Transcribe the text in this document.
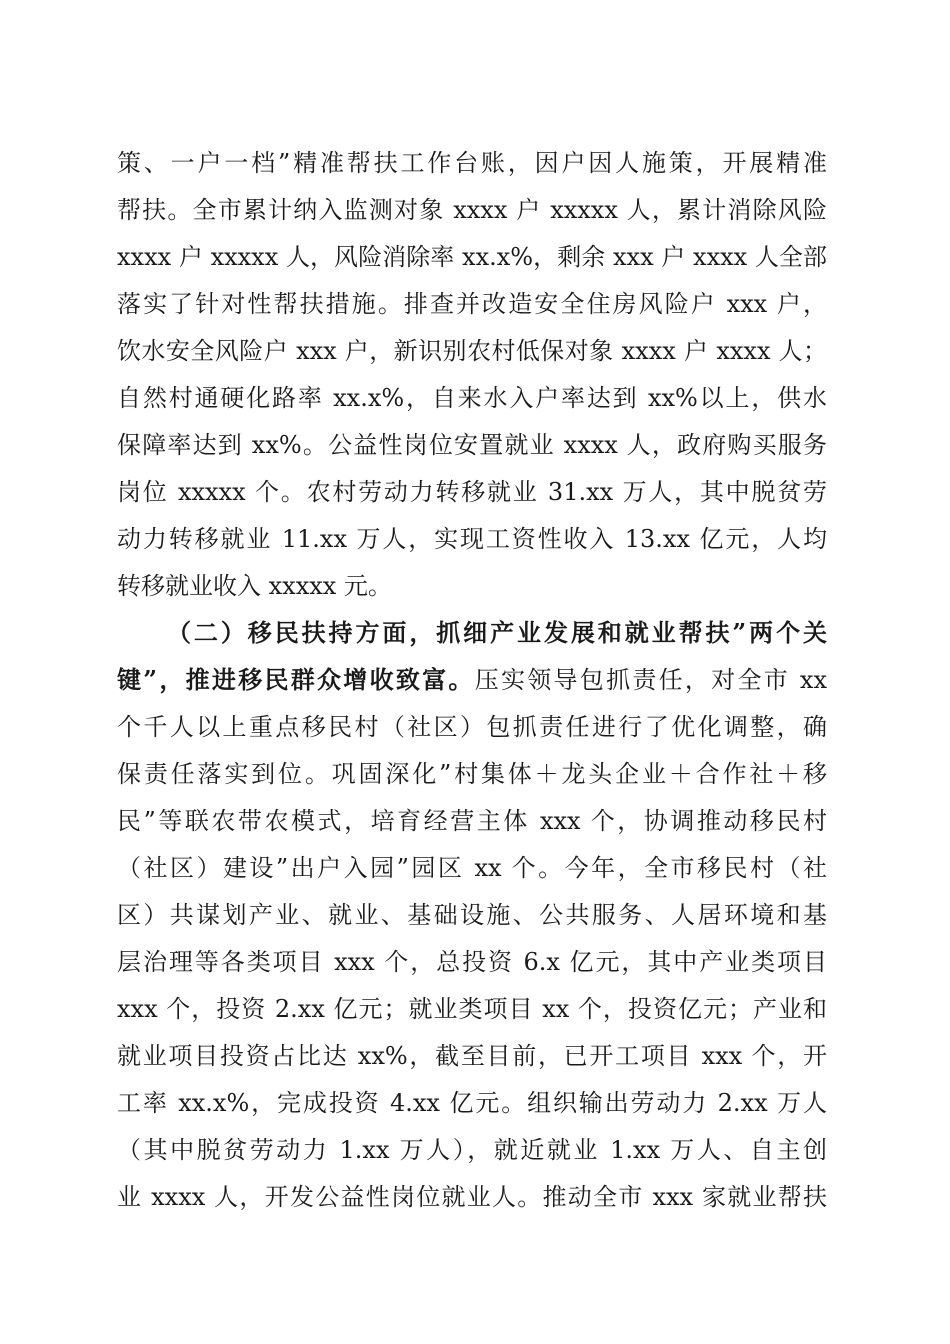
策、一户一档”精准帮扶工作台账，因户因人施策，开展精准
帮扶。全市累计纳入监测对象 xxxx 户 xxxxx 人，累计消除风险
xxxx 户 xxxxx 人，风险消除率 xx.x%，剩余 xxx 户 xxxx 人全部
落实了针对性帮扶措施。排查并改造安全住房风险户 xxx 户，
饮水安全风险户 xxx 户，新识别农村低保对象 xxxx 户 xxxx 人；
自然村通硬化路率 xx.x%，自来水入户率达到 xx%以上，供水
保障率达到 xx%。公益性岗位安置就业 xxxx 人，政府购买服务
岗位 xxxxx 个。农村劳动力转移就业 31.xx 万人，其中脱贫劳
动力转移就业 11.xx 万人，实现工资性收入 13.xx 亿元，人均
转移就业收入 xxxxx 元。
（二）移民扶持方面，抓细产业发展和就业帮扶”两个关
键”，推进移民群众增收致富。压实领导包抓责任，对全市 xx
个千人以上重点移民村（社区）包抓责任进行了优化调整，确
保责任落实到位。巩固深化”村集体＋龙头企业＋合作社＋移
民”等联农带农模式，培育经营主体 xxx 个，协调推动移民村
（社区）建设”出户入园”园区 xx 个。今年，全市移民村（社
区）共谋划产业、就业、基础设施、公共服务、人居环境和基
层治理等各类项目 xxx 个，总投资 6.x 亿元，其中产业类项目
xxx 个，投资 2.xx 亿元；就业类项目 xx 个，投资亿元；产业和
就业项目投资占比达 xx%，截至目前，已开工项目 xxx 个，开
工率 xx.x%，完成投资 4.xx 亿元。组织输出劳动力 2.xx 万人
（其中脱贫劳动力 1.xx 万人），就近就业 1.xx 万人、自主创
业 xxxx 人，开发公益性岗位就业人。推动全市 xxx 家就业帮扶
